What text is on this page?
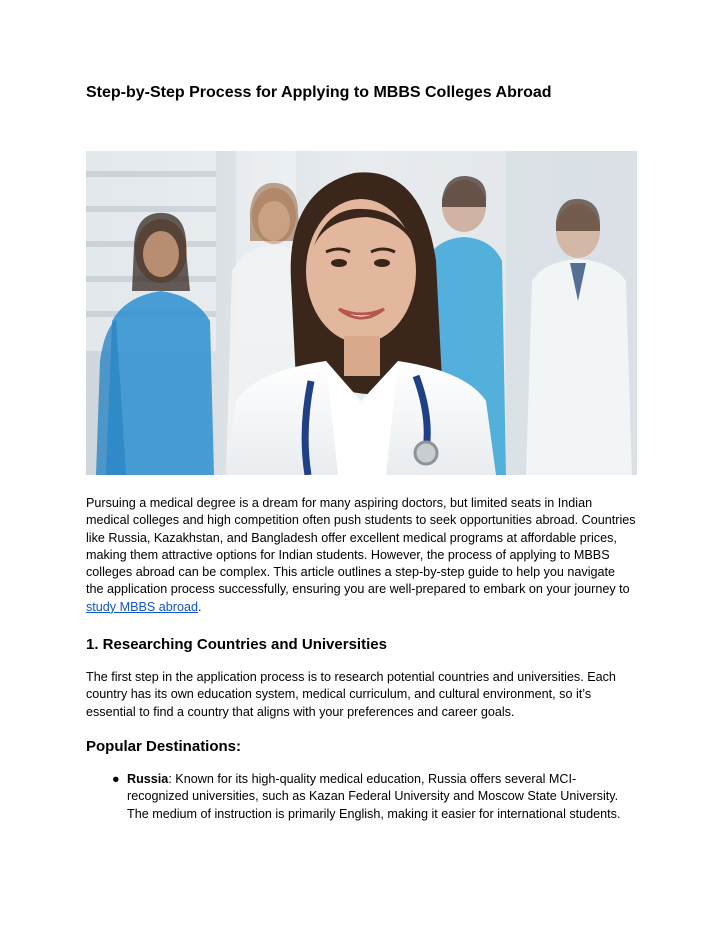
Step-by-Step Process for Applying to MBBS Colleges Abroad

Pursuing a medical degree is a dream for many aspiring doctors, but limited seats in Indian medical colleges and high competition often push students to seek opportunities abroad. Countries like Russia, Kazakhstan, and Bangladesh offer excellent medical programs at affordable prices, making them attractive options for Indian students. However, the process of applying to MBBS colleges abroad can be complex. This article outlines a step-by-step guide to help you navigate the application process successfully, ensuring you are well-prepared to embark on your journey to study MBBS abroad.

1. Researching Countries and Universities

The first step in the application process is to research potential countries and universities. Each country has its own education system, medical curriculum, and cultural environment, so it’s essential to find a country that aligns with your preferences and career goals.

Popular Destinations:
● Russia: Known for its high-quality medical education, Russia offers several MCI-recognized universities, such as Kazan Federal University and Moscow State University. The medium of instruction is primarily English, making it easier for international students.
